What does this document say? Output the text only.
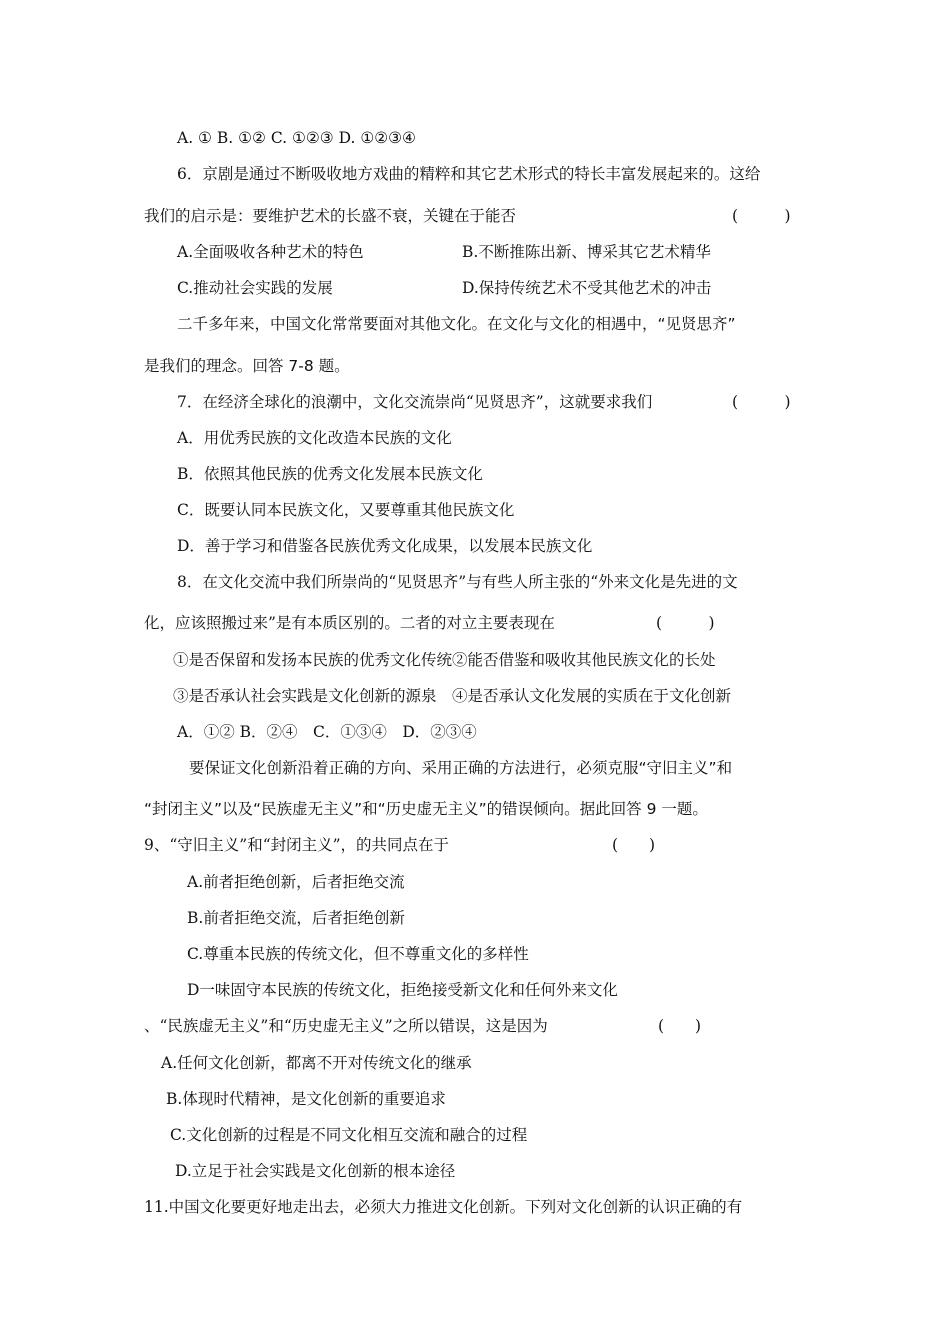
A. ① B. ①② C. ①②③ D. ①②③④
6．京剧是通过不断吸收地方戏曲的精粹和其它艺术形式的特长丰富发展起来的。这给
我们的启示是：要维护艺术的长盛不衰，关键在于能否	(　　　)
A.全面吸收各种艺术的特色	B.不断推陈出新、博采其它艺术精华
C.推动社会实践的发展	D.保持传统艺术不受其他艺术的冲击
二千多年来，中国文化常常要面对其他文化。在文化与文化的相遇中，“见贤思齐”
是我们的理念。回答 7-8 题。
7．在经济全球化的浪潮中，文化交流崇尚“见贤思齐”，这就要求我们	(　　　)
A．用优秀民族的文化改造本民族的文化
B．依照其他民族的优秀文化发展本民族文化
C．既要认同本民族文化，又要尊重其他民族文化
D．善于学习和借鉴各民族优秀文化成果，以发展本民族文化
8．在文化交流中我们所崇尚的“见贤思齐”与有些人所主张的“外来文化是先进的文
化，应该照搬过来”是有本质区别的。二者的对立主要表现在	(　　　)
①是否保留和发扬本民族的优秀文化传统②能否借鉴和吸收其他民族文化的长处
③是否承认社会实践是文化创新的源泉　④是否承认文化发展的实质在于文化创新
A．①② B．②④　C．①③④　D．②③④
要保证文化创新沿着正确的方向、采用正确的方法进行，必须克服“守旧主义”和
“封闭主义”以及“民族虚无主义”和“历史虚无主义”的错误倾向。据此回答 9 一题。
9、“守旧主义”和“封闭主义”，的共同点在于	(　　)
A.前者拒绝创新，后者拒绝交流
B.前者拒绝交流，后者拒绝创新
C.尊重本民族的传统文化，但不尊重文化的多样性
D一味固守本民族的传统文化，拒绝接受新文化和任何外来文化
、“民族虚无主义”和“历史虚无主义”之所以错误，这是因为	(　　)
A.任何文化创新，都离不开对传统文化的继承
B.体现时代精神，是文化创新的重要追求
C.文化创新的过程是不同文化相互交流和融合的过程
D.立足于社会实践是文化创新的根本途径
11.中国文化要更好地走出去，必须大力推进文化创新。下列对文化创新的认识正确的有
